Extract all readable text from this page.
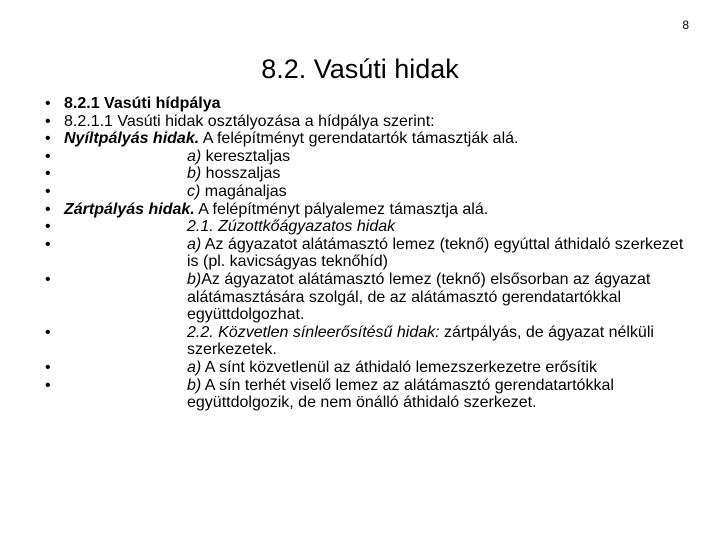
8
8.2. Vasúti hidak
• 8.2.1 Vasúti hídpálya
• 8.2.1.1 Vasúti hidak osztályozása a hídpálya szerint:
• Nyíltpályás hidak. A felépítményt gerendatartók támasztják alá.
•	a) keresztaljas
•	b) hosszaljas
•	c) magánaljas
• Zártpályás hidak. A felépítményt pályalemez támasztja alá.
•	2.1. Zúzottkőágyazatos hidak
•	a) Az ágyazatot alátámasztó lemez (teknő) egyúttal áthidaló szerkezet is (pl. kavicságyas teknőhíd)
•	b)Az ágyazatot alátámasztó lemez (teknő) elsősorban az ágyazat alátámasztására szolgál, de az alátámasztó gerendatartókkal együttdolgozhat.
•	2.2. Közvetlen sínleerősítésű hidak: zártpályás, de ágyazat nélküli szerkezetek.
•	a) A sínt közvetlenül az áthidaló lemezszerkezetre erősítik
•	b) A sín terhét viselő lemez az alátámasztó gerendatartókkal együttdolgozik, de nem önálló áthidaló szerkezet.
